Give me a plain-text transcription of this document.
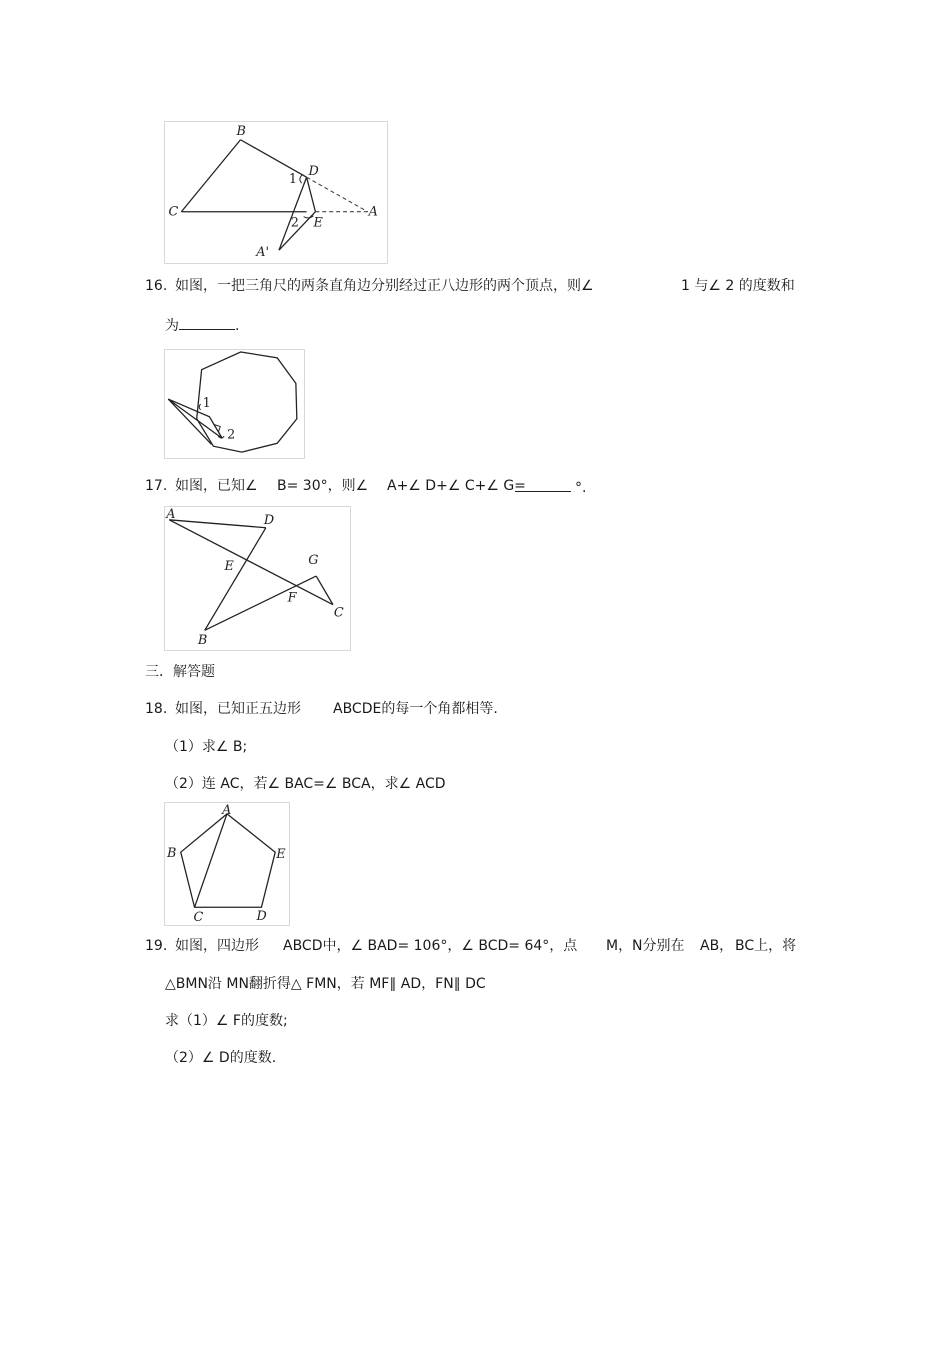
B
C
D
A
E
A'
1
2
16. 如图，一把三角尺的两条直角边分别经过正八边形的两个顶点，则∠	1 与∠ 2 的度数和
为	.
1
2
17. 如图，已知∠ B= 30°，则∠ A+∠ D+∠ C+∠ G=	°.
A	D
E	G
F
C
B
三．解答题
18. 如图，已知正五边形 ABCDE的每一个角都相等.
（1）求∠ B;
（2）连 AC，若∠ BAC=∠ BCA，求∠ ACD
A
B	E
C	D
19. 如图，四边形 ABCD中，∠ BAD= 106°，∠ BCD= 64°，点 M， N分别在 AB， BC上，将
△BMN沿 MN翻折得△ FMN，若 MF∥ AD，FN∥ DC
求（1）∠ F的度数;
（2）∠ D的度数.
